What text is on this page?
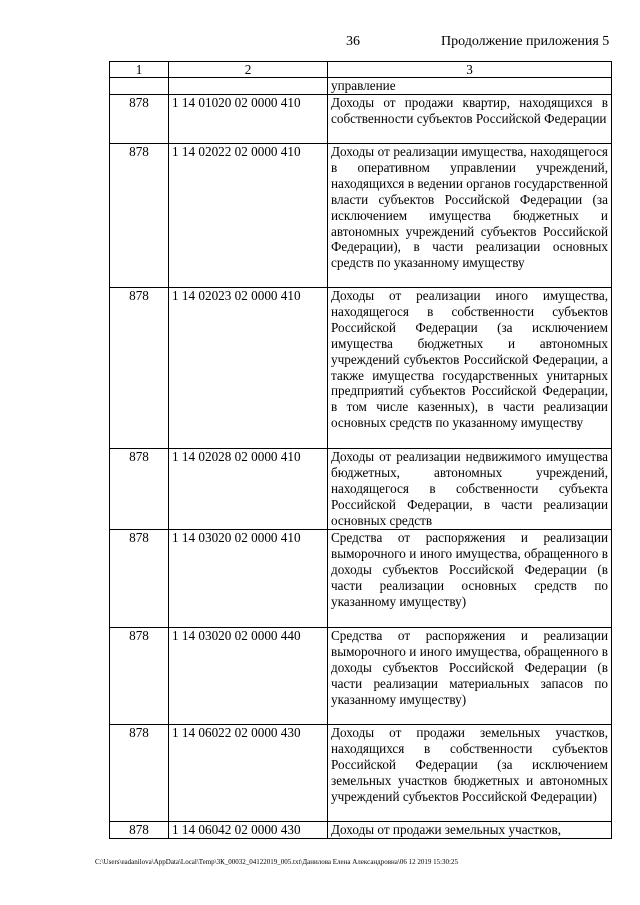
36	Продолжение приложения 5
1	2	3
		управление
878	1 14 01020 02 0000 410	Доходы от продажи квартир, находящихся в собственности субъектов Российской Федерации
878	1 14 02022 02 0000 410	Доходы от реализации имущества, находящегося в оперативном управлении учреждений, находящихся в ведении органов государственной власти субъектов Российской Федерации (за исключением имущества бюджетных и автономных учреждений субъектов Российской Федерации), в части реализации основных средств по указанному имуществу
878	1 14 02023 02 0000 410	Доходы от реализации иного имущества, находящегося в собственности субъектов Российской Федерации (за исключением имущества бюджетных и автономных учреждений субъектов Российской Федерации, а также имущества государственных унитарных предприятий субъектов Российской Федерации, в том числе казенных), в части реализации основных средств по указанному имуществу
878	1 14 02028 02 0000 410	Доходы от реализации недвижимого имущества бюджетных, автономных учреждений, находящегося в собственности субъекта Российской Федерации, в части реализации основных средств
878	1 14 03020 02 0000 410	Средства от распоряжения и реализации выморочного и иного имущества, обращенного в доходы субъектов Российской Федерации (в части реализации основных средств по указанному имуществу)
878	1 14 03020 02 0000 440	Средства от распоряжения и реализации выморочного и иного имущества, обращенного в доходы субъектов Российской Федерации (в части реализации материальных запасов по указанному имуществу)
878	1 14 06022 02 0000 430	Доходы от продажи земельных участков, находящихся в собственности субъектов Российской Федерации (за исключением земельных участков бюджетных и автономных учреждений субъектов Российской Федерации)
878	1 14 06042 02 0000 430	Доходы от продажи земельных участков,
C:\Users\eadanilova\AppData\Local\Temp\3К_00032_04122019_005.txt\Данилова Елена Александровна\06 12 2019 15:30:25
